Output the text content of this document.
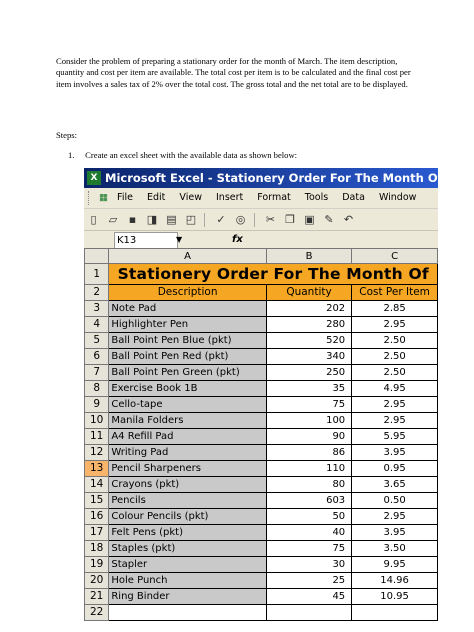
Consider the problem of preparing a stationary order for the month of March. The item description, quantity and cost per item are available. The total cost per item is to be calculated and the final cost per item involves a sales tax of 2% over the total cost. The gross total and the net total are to be displayed.
Steps:
1. Create an excel sheet with the available data as shown below:
X Microsoft Excel - Stationery Order For The Month Of Mar
▦ File Edit View Insert Format Tools Data Window
▯ ▱ ▪ ◨ ▤ ◰ ✓ ◎ ✂ ❐ ▣ ✎ ↶
K13	▼	fx
	A	B	C
1	Stationery Order For The Month Of		
2	Description	Quantity	Cost Per Item
3	Note Pad	202	2.85
4	Highlighter Pen	280	2.95
5	Ball Point Pen Blue (pkt)	520	2.50
6	Ball Point Pen Red (pkt)	340	2.50
7	Ball Point Pen Green (pkt)	250	2.50
8	Exercise Book 1B	35	4.95
9	Cello-tape	75	2.95
10	Manila Folders	100	2.95
11	A4 Refill Pad	90	5.95
12	Writing Pad	86	3.95
13	Pencil Sharpeners	110	0.95
14	Crayons (pkt)	80	3.65
15	Pencils	603	0.50
16	Colour Pencils (pkt)	50	2.95
17	Felt Pens (pkt)	40	3.95
18	Staples (pkt)	75	3.50
19	Stapler	30	9.95
20	Hole Punch	25	14.96
21	Ring Binder	45	10.95
22			
